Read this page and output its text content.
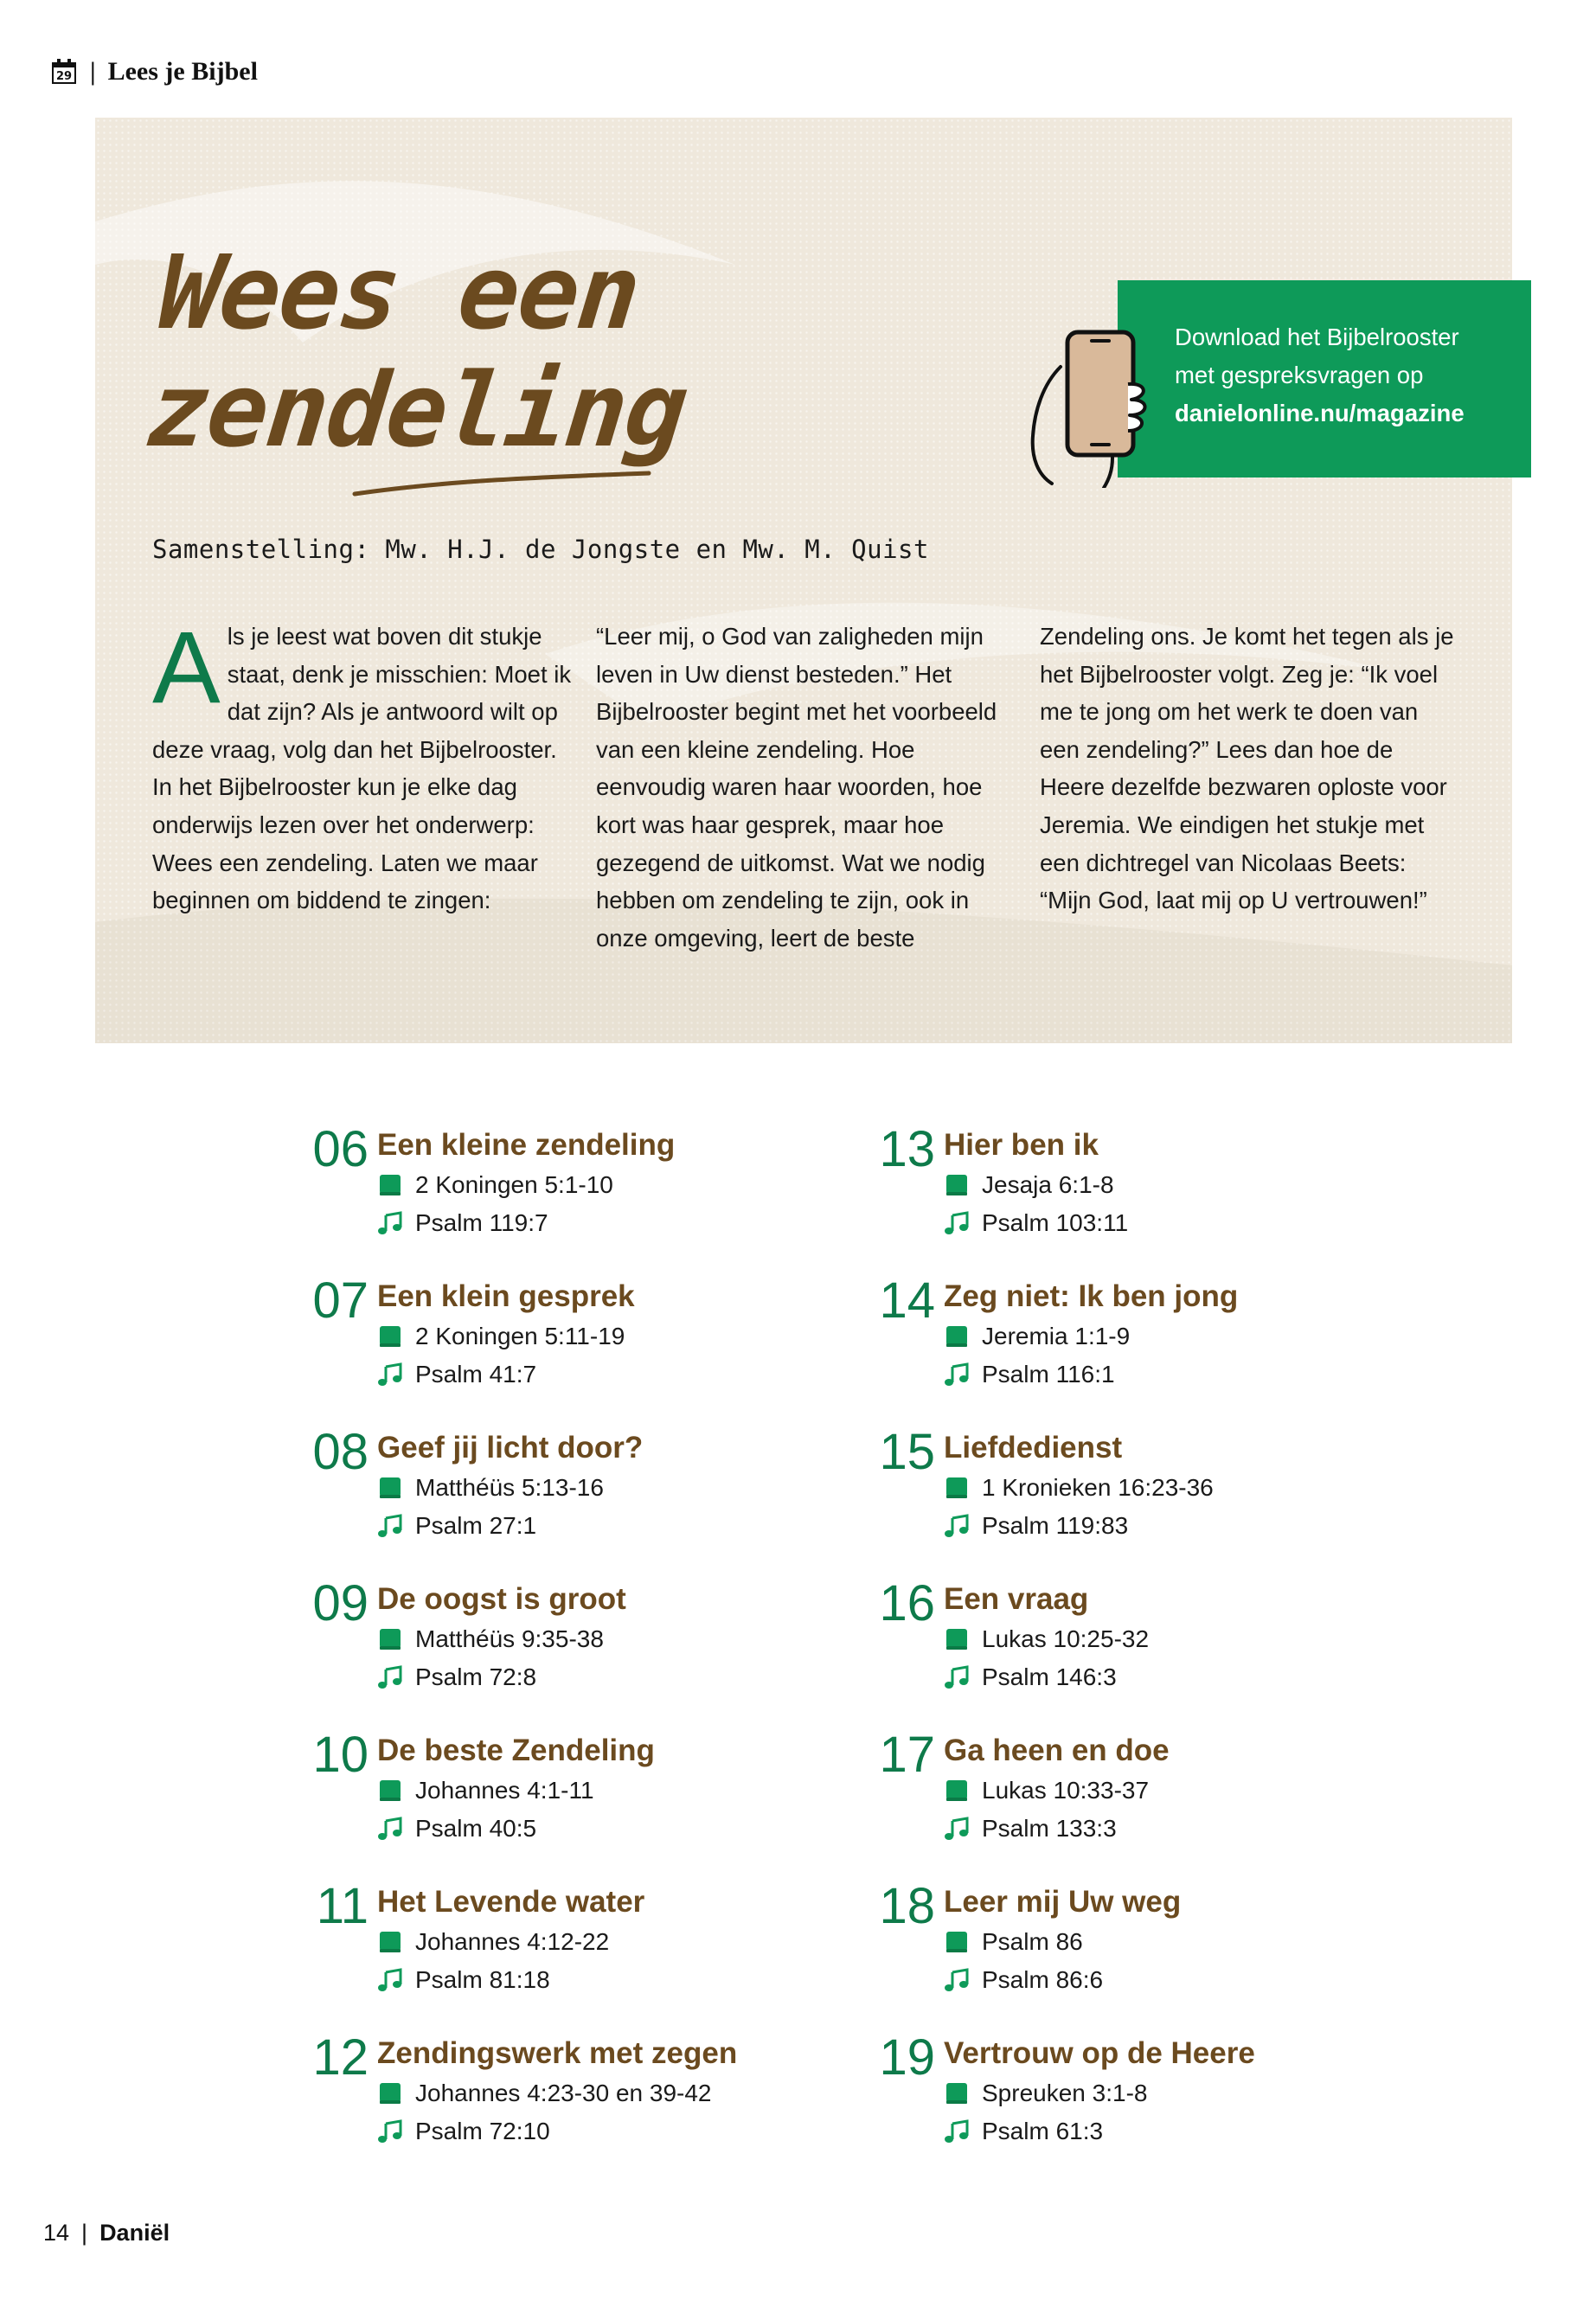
29 | Lees je Bijbel
Wees een
zendeling
Samenstelling: Mw. H.J. de Jongste en Mw. M. Quist
Download het Bijbelrooster
met gespreksvragen op
danielonline.nu/magazine
A ls je leest wat boven dit stukje staat, denk je misschien: Moet ik dat zijn? Als je antwoord wilt op deze vraag, volg dan het Bijbelrooster. In het Bijbelrooster kun je elke dag onderwijs lezen over het onderwerp: Wees een zendeling. Laten we maar beginnen om biddend te zingen:

“Leer mij, o God van zaligheden mijn leven in Uw dienst besteden.” Het Bijbelrooster begint met het voorbeeld van een kleine zendeling. Hoe eenvoudig waren haar woorden, hoe kort was haar gesprek, maar hoe gezegend de uitkomst. Wat we nodig hebben om zendeling te zijn, ook in onze omgeving, leert de beste

Zendeling ons. Je komt het tegen als je het Bijbelrooster volgt. Zeg je: “Ik voel me te jong om het werk te doen van een zendeling?” Lees dan hoe de Heere dezelfde bezwaren oploste voor Jeremia. We eindigen het stukje met een dichtregel van Nicolaas Beets: “Mijn God, laat mij op U vertrouwen!”

06 Een kleine zendeling
2 Koningen 5:1-10
Psalm 119:7
07 Een klein gesprek
2 Koningen 5:11-19
Psalm 41:7
08 Geef jij licht door?
Matthéüs 5:13-16
Psalm 27:1
09 De oogst is groot
Matthéüs 9:35-38
Psalm 72:8
10 De beste Zendeling
Johannes 4:1-11
Psalm 40:5
11 Het Levende water
Johannes 4:12-22
Psalm 81:18
12 Zendingswerk met zegen
Johannes 4:23-30 en 39-42
Psalm 72:10
13 Hier ben ik
Jesaja 6:1-8
Psalm 103:11
14 Zeg niet: Ik ben jong
Jeremia 1:1-9
Psalm 116:1
15 Liefdedienst
1 Kronieken 16:23-36
Psalm 119:83
16 Een vraag
Lukas 10:25-32
Psalm 146:3
17 Ga heen en doe
Lukas 10:33-37
Psalm 133:3
18 Leer mij Uw weg
Psalm 86
Psalm 86:6
19 Vertrouw op de Heere
Spreuken 3:1-8
Psalm 61:3
14 | Daniël
